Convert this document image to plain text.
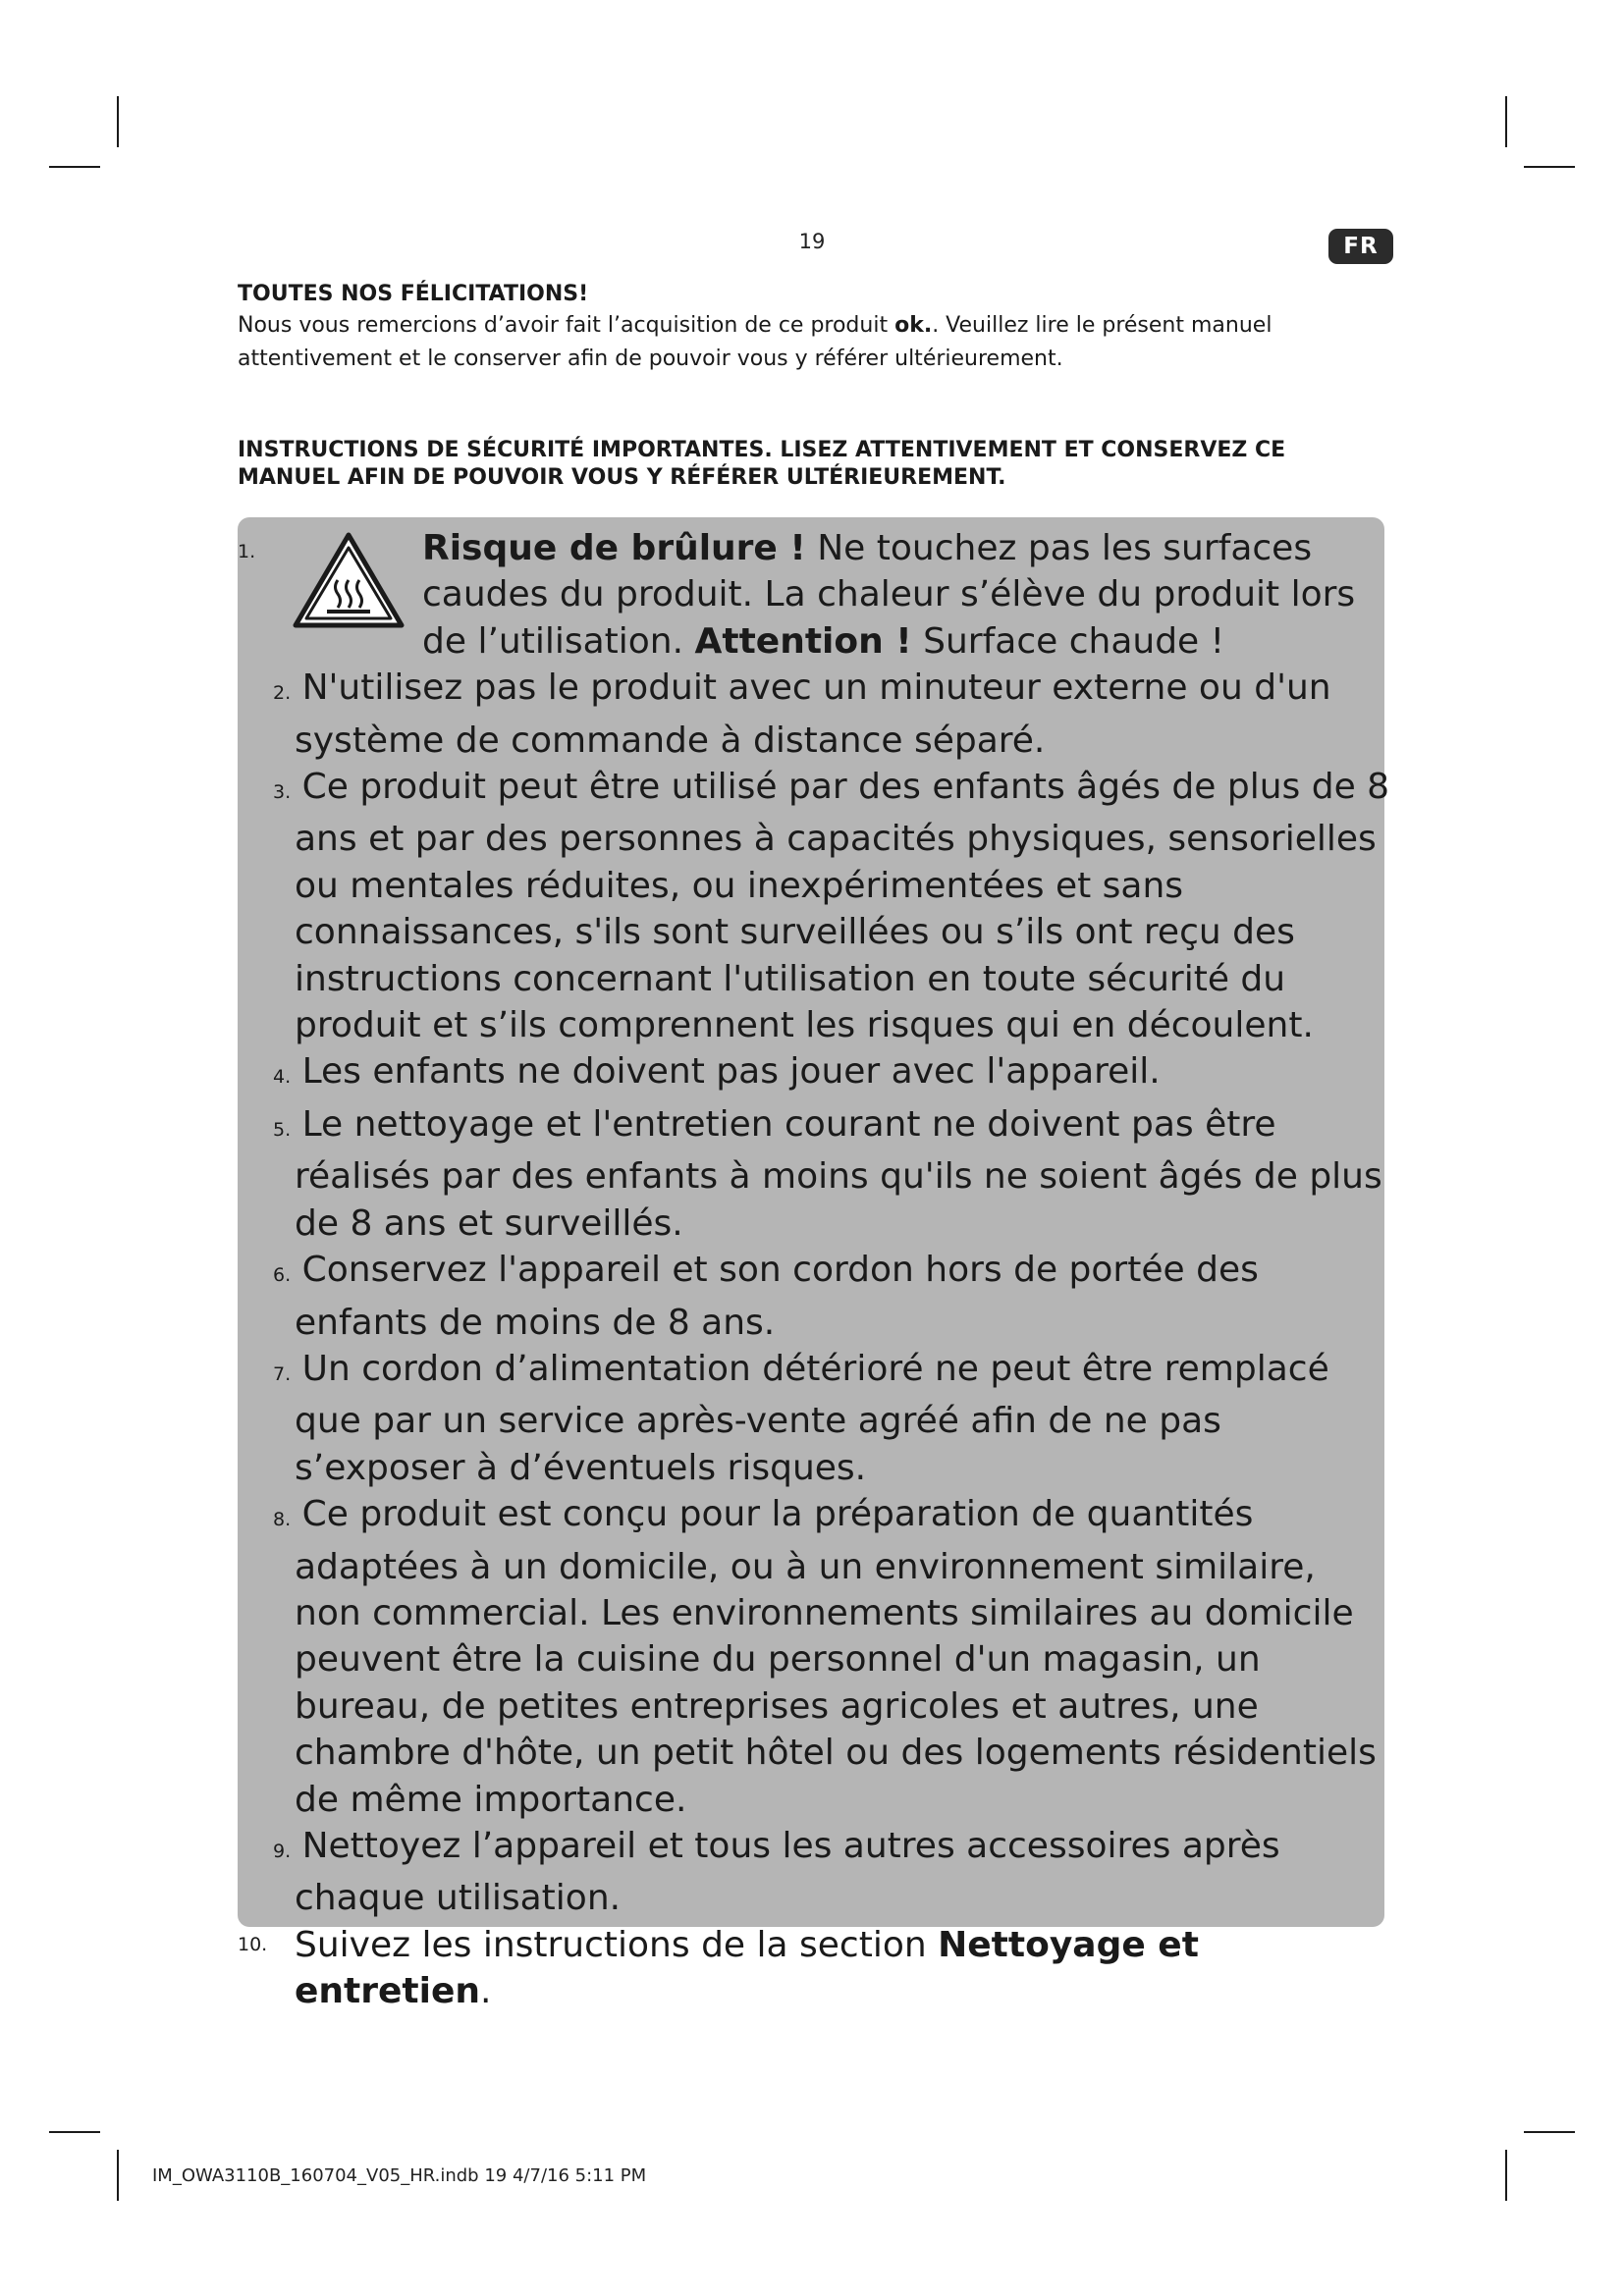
19	FR
TOUTES NOS FÉLICITATIONS!
Nous vous remercions d’avoir fait l’acquisition de ce produit ok.. Veuillez lire le présent manuel attentivement et le conserver afin de pouvoir vous y référer ultérieurement.
INSTRUCTIONS DE SÉCURITÉ IMPORTANTES. LISEZ ATTENTIVEMENT ET CONSERVEZ CE MANUEL AFIN DE POUVOIR VOUS Y RÉFÉRER ULTÉRIEUREMENT.
1.	Risque de brûlure ! Ne touchez pas les surfaces caudes du produit. La chaleur s’élève du produit lors de l’utilisation. Attention ! Surface chaude !
2. N'utilisez pas le produit avec un minuteur externe ou d'un système de commande à distance séparé.
3. Ce produit peut être utilisé par des enfants âgés de plus de 8 ans et par des personnes à capacités physiques, sensorielles ou mentales réduites, ou inexpérimentées et sans connaissances, s'ils sont surveillées ou s’ils ont reçu des instructions concernant l'utilisation en toute sécurité du produit et s’ils comprennent les risques qui en découlent.
4. Les enfants ne doivent pas jouer avec l'appareil.
5. Le nettoyage et l'entretien courant ne doivent pas être réalisés par des enfants à moins qu'ils ne soient âgés de plus de 8 ans et surveillés.
6. Conservez l'appareil et son cordon hors de portée des enfants de moins de 8 ans.
7. Un cordon d’alimentation détérioré ne peut être remplacé que par un service après-vente agréé afin de ne pas s’exposer à d’éventuels risques.
8. Ce produit est conçu pour la préparation de quantités adaptées à un domicile, ou à un environnement similaire, non commercial. Les environnements similaires au domicile peuvent être la cuisine du personnel d'un magasin, un bureau, de petites entreprises agricoles et autres, une chambre d'hôte, un petit hôtel ou des logements résidentiels de même importance.
9. Nettoyez l’appareil et tous les autres accessoires après chaque utilisation.
10. Suivez les instructions de la section Nettoyage et entretien.
IM_OWA3110B_160704_V05_HR.indb 19 4/7/16 5:11 PM
